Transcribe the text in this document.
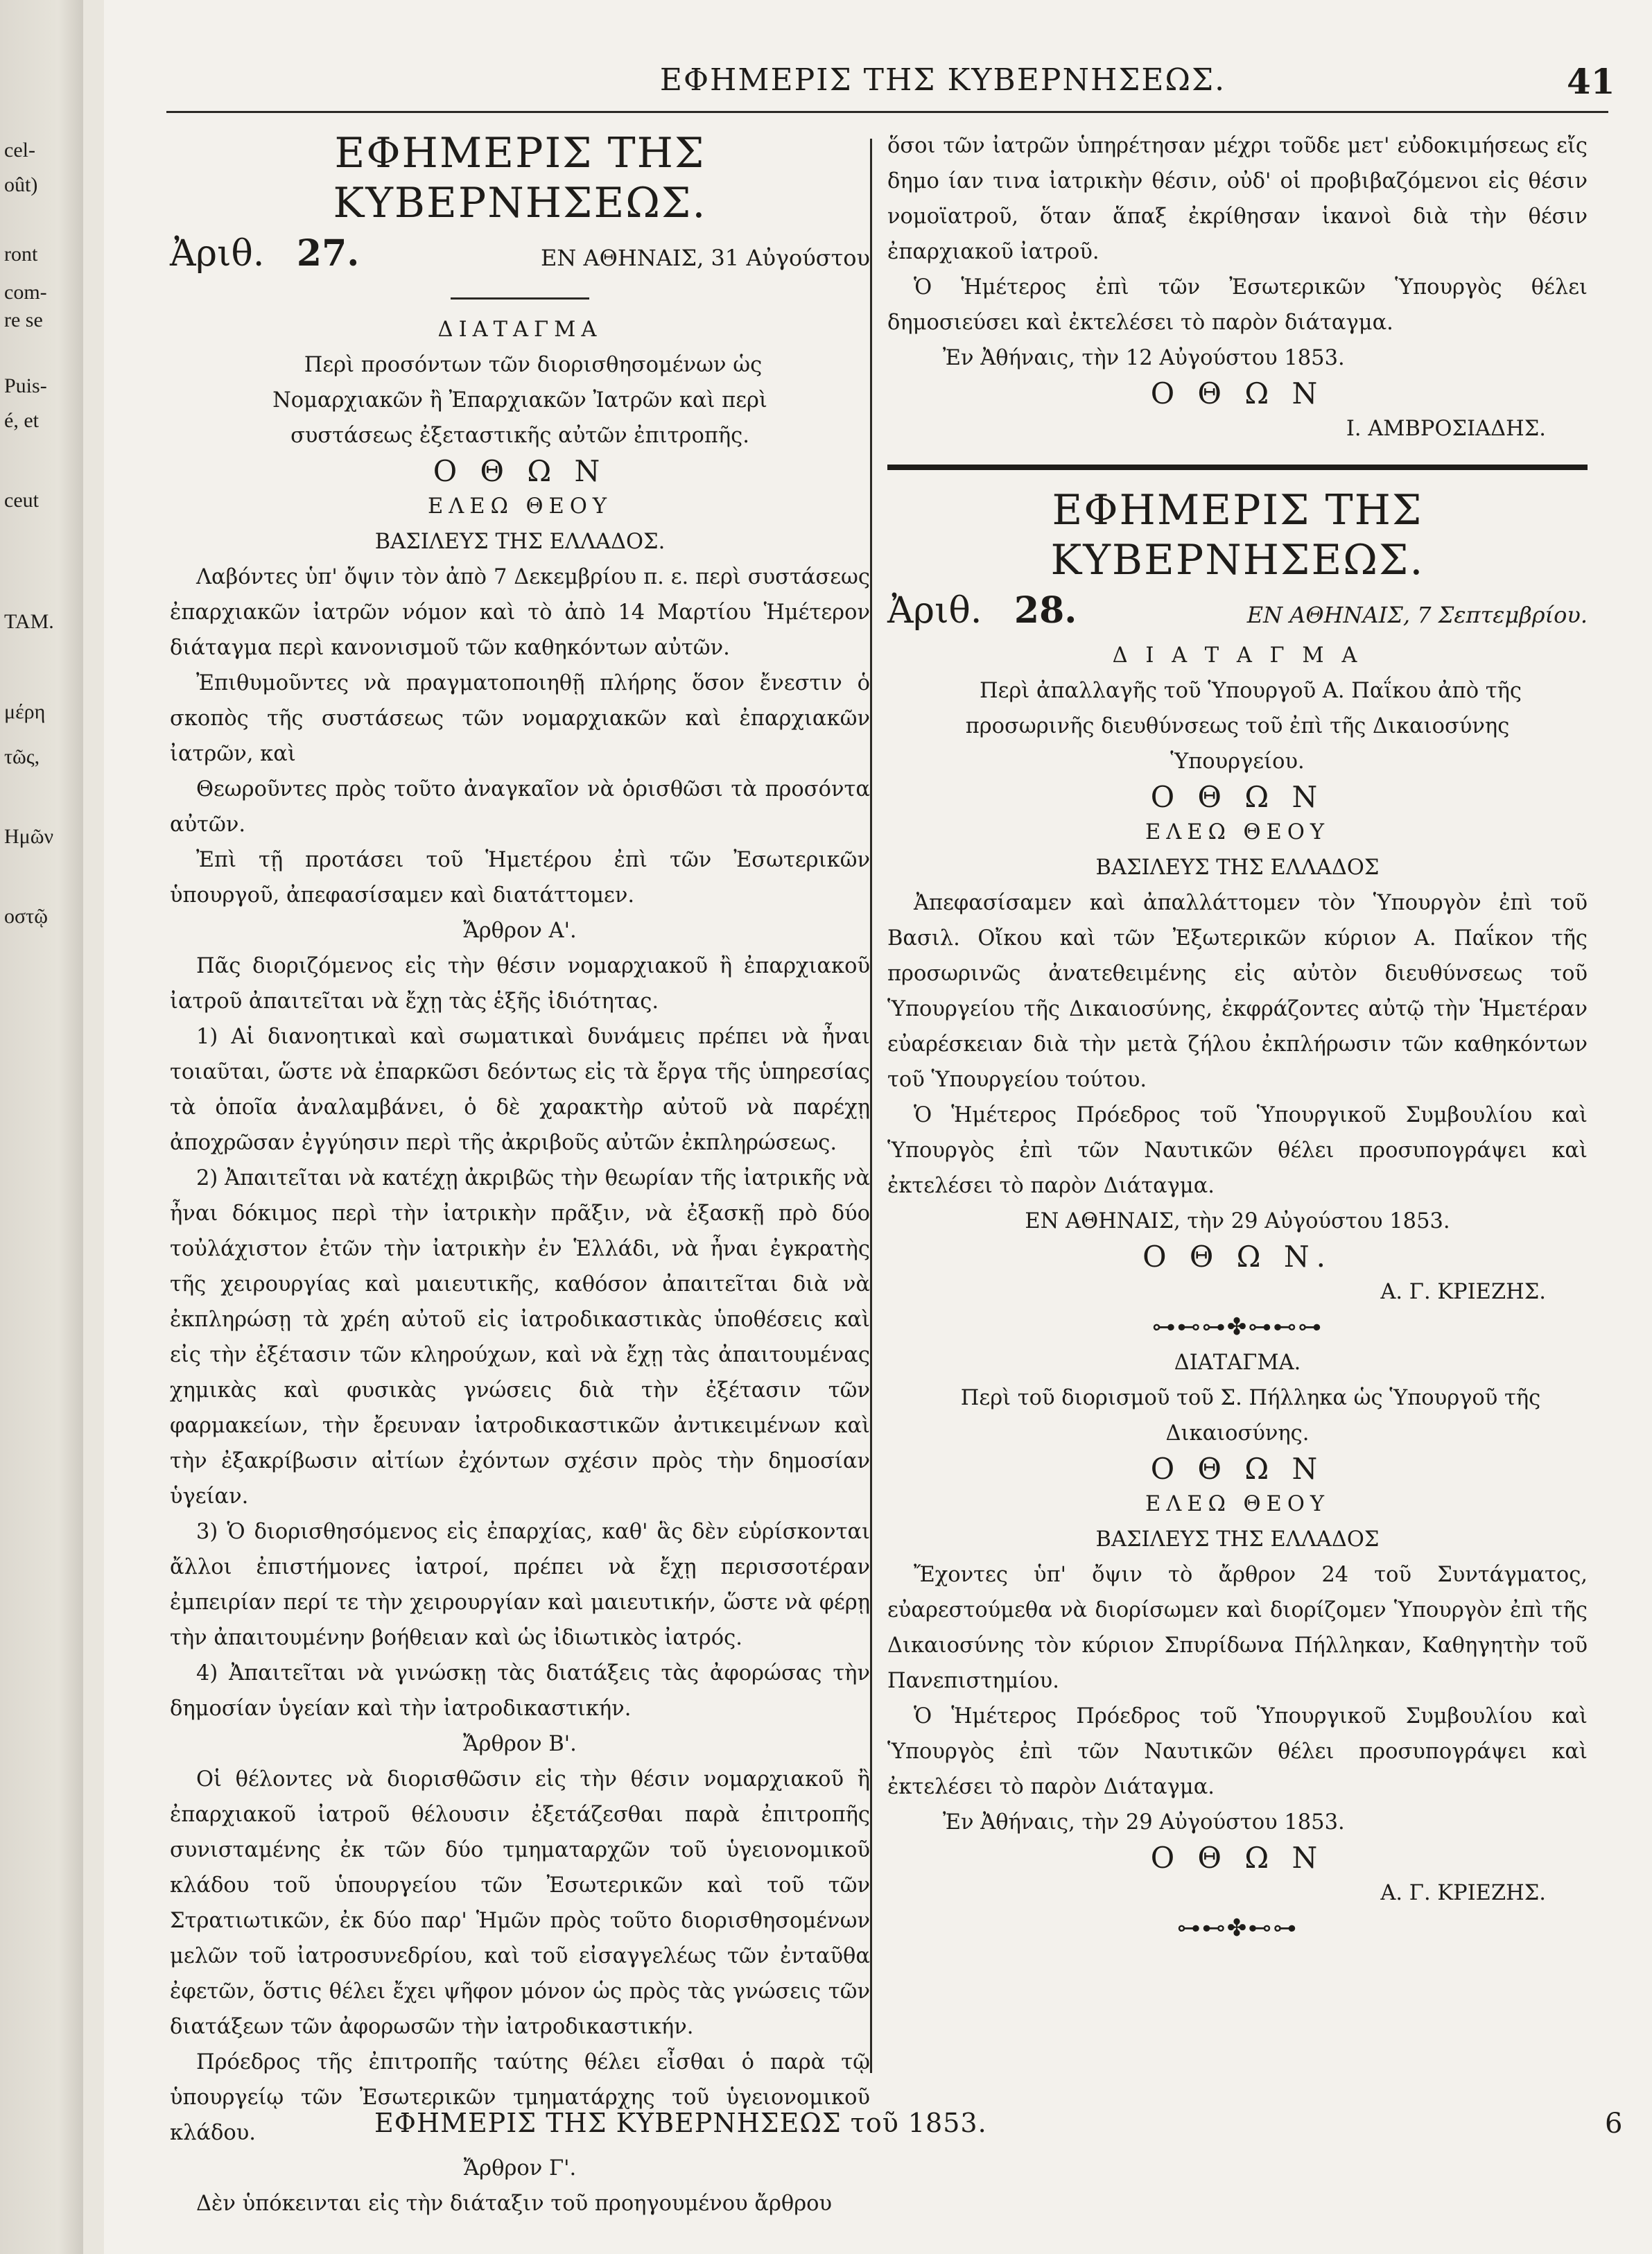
cel-
oût)
ront
com-
re se
Puis-
é, et
ceut
TAM.
μέρη
τῶς,
Ημῶν
οστῷ
ΕΦΗΜΕΡΙΣ ΤΗΣ ΚΥΒΕΡΝΗΣΕΩΣ.	41
ΕΦΗΜΕΡΙΣ ΤΗΣ ΚΥΒΕΡΝΗΣΕΩΣ.
Ἀριθ. 27.	ΕΝ ΑΘΗΝΑΙΣ, 31 Αὐγούστου

ΔΙΑΤΑΓΜΑ

Περὶ προσόντων τῶν διορισθησομένων ὡς Νομαρχιακῶν ἢ Ἐπαρχιακῶν Ἰατρῶν καὶ περὶ συστάσεως ἐξεταστικῆς αὐτῶν ἐπιτροπῆς.

Ο Θ Ω Ν

ΕΛΕΩ ΘΕΟΥ

ΒΑΣΙΛΕΥΣ ΤΗΣ ΕΛΛΑΔΟΣ.

Λαβόντες ὑπ' ὄψιν τὸν ἀπὸ 7 Δεκεμβρίου π. ε. περὶ συστάσεως ἐπαρχιακῶν ἰατρῶν νόμον καὶ τὸ ἀπὸ 14 Μαρτίου Ἡμέτερον διάταγμα περὶ κανονισμοῦ τῶν καθηκόντων αὐτῶν.

Ἐπιθυμοῦντες νὰ πραγματοποιηθῇ πλήρης ὅσον ἔνεστιν ὁ σκοπὸς τῆς συστάσεως τῶν νομαρχιακῶν καὶ ἐπαρχιακῶν ἰατρῶν, καὶ

Θεωροῦντες πρὸς τοῦτο ἀναγκαῖον νὰ ὁρισθῶσι τὰ προσόντα αὐτῶν.

Ἐπὶ τῇ προτάσει τοῦ Ἡμετέρου ἐπὶ τῶν Ἐσωτερικῶν ὑπουργοῦ, ἀπεφασίσαμεν καὶ διατάττομεν.

Ἄρθρον Α'.

Πᾶς διοριζόμενος εἰς τὴν θέσιν νομαρχιακοῦ ἢ ἐπαρχιακοῦ ἰατροῦ ἀπαιτεῖται νὰ ἔχῃ τὰς ἑξῆς ἰδιότητας.

1) Αἱ διανοητικαὶ καὶ σωματικαὶ δυνάμεις πρέπει νὰ ἦναι τοιαῦται, ὥστε νὰ ἐπαρκῶσι δεόντως εἰς τὰ ἔργα τῆς ὑπηρεσίας τὰ ὁποῖα ἀναλαμβάνει, ὁ δὲ χαρακτὴρ αὐτοῦ νὰ παρέχῃ ἀποχρῶσαν ἐγγύησιν περὶ τῆς ἀκριβοῦς αὐτῶν ἐκπληρώσεως.

2) Ἀπαιτεῖται νὰ κατέχῃ ἀκριβῶς τὴν θεωρίαν τῆς ἰατρικῆς νὰ ἦναι δόκιμος περὶ τὴν ἰατρικὴν πρᾶξιν, νὰ ἐξασκῇ πρὸ δύο τοὐλάχιστον ἐτῶν τὴν ἰατρικὴν ἐν Ἑλλάδι, νὰ ἦναι ἐγκρατὴς τῆς χειρουργίας καὶ μαιευτικῆς, καθόσον ἀπαιτεῖται διὰ νὰ ἐκπληρώσῃ τὰ χρέη αὐτοῦ εἰς ἰατροδικαστικὰς ὑποθέσεις καὶ εἰς τὴν ἐξέτασιν τῶν κληρούχων, καὶ νὰ ἔχῃ τὰς ἀπαιτουμένας χημικὰς καὶ φυσικὰς γνώσεις διὰ τὴν ἐξέτασιν τῶν φαρμακείων, τὴν ἔρευναν ἰατροδικαστικῶν ἀντικειμένων καὶ τὴν ἐξακρίβωσιν αἰτίων ἐχόντων σχέσιν πρὸς τὴν δημοσίαν ὑγείαν.

3) Ὁ διορισθησόμενος εἰς ἐπαρχίας, καθ' ἃς δὲν εὑρίσκονται ἄλλοι ἐπιστήμονες ἰατροί, πρέπει νὰ ἔχῃ περισσοτέραν ἐμπειρίαν περί τε τὴν χειρουργίαν καὶ μαιευτικήν, ὥστε νὰ φέρῃ τὴν ἀπαιτουμένην βοήθειαν καὶ ὡς ἰδιωτικὸς ἰατρός.

4) Ἀπαιτεῖται νὰ γινώσκῃ τὰς διατάξεις τὰς ἀφορώσας τὴν δημοσίαν ὑγείαν καὶ τὴν ἰατροδικαστικήν.

Ἄρθρον Β'.

Οἱ θέλοντες νὰ διορισθῶσιν εἰς τὴν θέσιν νομαρχιακοῦ ἢ ἐπαρχιακοῦ ἰατροῦ θέλουσιν ἐξετάζεσθαι παρὰ ἐπιτροπῆς συνισταμένης ἐκ τῶν δύο τμηματαρχῶν τοῦ ὑγειονομικοῦ κλάδου τοῦ ὑπουργείου τῶν Ἐσωτερικῶν καὶ τοῦ τῶν Στρατιωτικῶν, ἐκ δύο παρ' Ἡμῶν πρὸς τοῦτο διορισθησομένων μελῶν τοῦ ἰατροσυνεδρίου, καὶ τοῦ εἰσαγγελέως τῶν ἐνταῦθα ἐφετῶν, ὅστις θέλει ἔχει ψῆφον μόνον ὡς πρὸς τὰς γνώσεις τῶν διατάξεων τῶν ἀφορωσῶν τὴν ἰατροδικαστικήν.

Πρόεδρος τῆς ἐπιτροπῆς ταύτης θέλει εἶσθαι ὁ παρὰ τῷ ὑπουργείῳ τῶν Ἐσωτερικῶν τμηματάρχης τοῦ ὑγειονομικοῦ κλάδου.

Ἄρθρον Γ'.

Δὲν ὑπόκεινται εἰς τὴν διάταξιν τοῦ προηγουμένου ἄρθρου

ὅσοι τῶν ἰατρῶν ὑπηρέτησαν μέχρι τοῦδε μετ' εὐδοκιμήσεως εἴς δημο ίαν τινα ἰατρικὴν θέσιν, οὐδ' οἱ προβιβαζόμενοι εἰς θέσιν νομοϊατροῦ, ὅταν ἅπαξ ἐκρίθησαν ἱκανοὶ διὰ τὴν θέσιν ἐπαρχιακοῦ ἰατροῦ.

Ὁ Ἡμέτερος ἐπὶ τῶν Ἐσωτερικῶν Ὑπουργὸς θέλει δημοσιεύσει καὶ ἐκτελέσει τὸ παρὸν διάταγμα.

Ἐν Ἀθήναις, τὴν 12 Αὐγούστου 1853.

Ο Θ Ω Ν

Ι. ΑΜΒΡΟΣΙΑΔΗΣ.

ΕΦΗΜΕΡΙΣ ΤΗΣ ΚΥΒΕΡΝΗΣΕΩΣ.
Ἀριθ. 28.	ΕΝ ΑΘΗΝΑΙΣ, 7 Σεπτεμβρίου.

Δ Ι Α Τ Α Γ Μ Α

Περὶ ἀπαλλαγῆς τοῦ Ὑπουργοῦ Α. Παΐκου ἀπὸ τῆς προσωρινῆς διευθύνσεως τοῦ ἐπὶ τῆς Δικαιοσύνης Ὑπουργείου.

Ο Θ Ω Ν

ΕΛΕΩ ΘΕΟΥ

ΒΑΣΙΛΕΥΣ ΤΗΣ ΕΛΛΑΔΟΣ

Ἀπεφασίσαμεν καὶ ἀπαλλάττομεν τὸν Ὑπουργὸν ἐπὶ τοῦ Βασιλ. Οἴκου καὶ τῶν Ἐξωτερικῶν κύριον Α. Παΐκον τῆς προσωρινῶς ἀνατεθειμένης εἰς αὐτὸν διευθύνσεως τοῦ Ὑπουργείου τῆς Δικαιοσύνης, ἐκφράζοντες αὐτῷ τὴν Ἡμετέραν εὐαρέσκειαν διὰ τὴν μετὰ ζήλου ἐκπλήρωσιν τῶν καθηκόντων τοῦ Ὑπουργείου τούτου.

Ὁ Ἡμέτερος Πρόεδρος τοῦ Ὑπουργικοῦ Συμβουλίου καὶ Ὑπουργὸς ἐπὶ τῶν Ναυτικῶν θέλει προσυπογράψει καὶ ἐκτελέσει τὸ παρὸν Διάταγμα.

ΕΝ ΑΘΗΝΑΙΣ, τὴν 29 Αὐγούστου 1853.

Ο Θ Ω Ν.

Α. Γ. ΚΡΙΕΖΗΣ.

⊶⊷⊶✤⊶⊷⊶

ΔΙΑΤΑΓΜΑ.

Περὶ τοῦ διορισμοῦ τοῦ Σ. Πήλληκα ὡς Ὑπουργοῦ τῆς Δικαιοσύνης.

Ο Θ Ω Ν

ΕΛΕΩ ΘΕΟΥ

ΒΑΣΙΛΕΥΣ ΤΗΣ ΕΛΛΑΔΟΣ

Ἔχοντες ὑπ' ὄψιν τὸ ἄρθρον 24 τοῦ Συντάγματος, εὐαρεστούμεθα νὰ διορίσωμεν καὶ διορίζομεν Ὑπουργὸν ἐπὶ τῆς Δικαιοσύνης τὸν κύριον Σπυρίδωνα Πήλληκαν, Καθηγητὴν τοῦ Πανεπιστημίου.

Ὁ Ἡμέτερος Πρόεδρος τοῦ Ὑπουργικοῦ Συμβουλίου καὶ Ὑπουργὸς ἐπὶ τῶν Ναυτικῶν θέλει προσυπογράψει καὶ ἐκτελέσει τὸ παρὸν Διάταγμα.

Ἐν Ἀθήναις, τὴν 29 Αὐγούστου 1853.

Ο Θ Ω Ν

Α. Γ. ΚΡΙΕΖΗΣ.

⊶⊷✤⊷⊶

ΕΦΗΜΕΡΙΣ ΤΗΣ ΚΥΒΕΡΝΗΣΕΩΣ τοῦ 1853.	6
